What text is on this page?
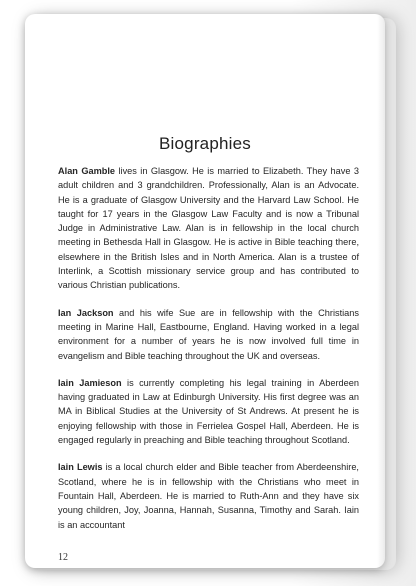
Biographies

Alan Gamble lives in Glasgow. He is married to Elizabeth. They have 3 adult children and 3 grandchildren. Professionally, Alan is an Advocate. He is a graduate of Glasgow University and the Harvard Law School. He taught for 17 years in the Glasgow Law Faculty and is now a Tribunal Judge in Administrative Law. Alan is in fellowship in the local church meeting in Bethesda Hall in Glasgow. He is active in Bible teaching there, elsewhere in the British Isles and in North America. Alan is a trustee of Interlink, a Scottish missionary service group and has contributed to various Christian publications.

Ian Jackson and his wife Sue are in fellowship with the Christians meeting in Marine Hall, Eastbourne, England. Having worked in a legal environment for a number of years he is now involved full time in evangelism and Bible teaching throughout the UK and overseas.

Iain Jamieson is currently completing his legal training in Aberdeen having graduated in Law at Edinburgh University. His first degree was an MA in Biblical Studies at the University of St Andrews. At present he is enjoying fellowship with those in Ferrielea Gospel Hall, Aberdeen. He is engaged regularly in preaching and Bible teaching throughout Scotland.

Iain Lewis is a local church elder and Bible teacher from Aberdeenshire, Scotland, where he is in fellowship with the Christians who meet in Fountain Hall, Aberdeen. He is married to Ruth-Ann and they have six young children, Joy, Joanna, Hannah, Susanna, Timothy and Sarah. Iain is an accountant

12
